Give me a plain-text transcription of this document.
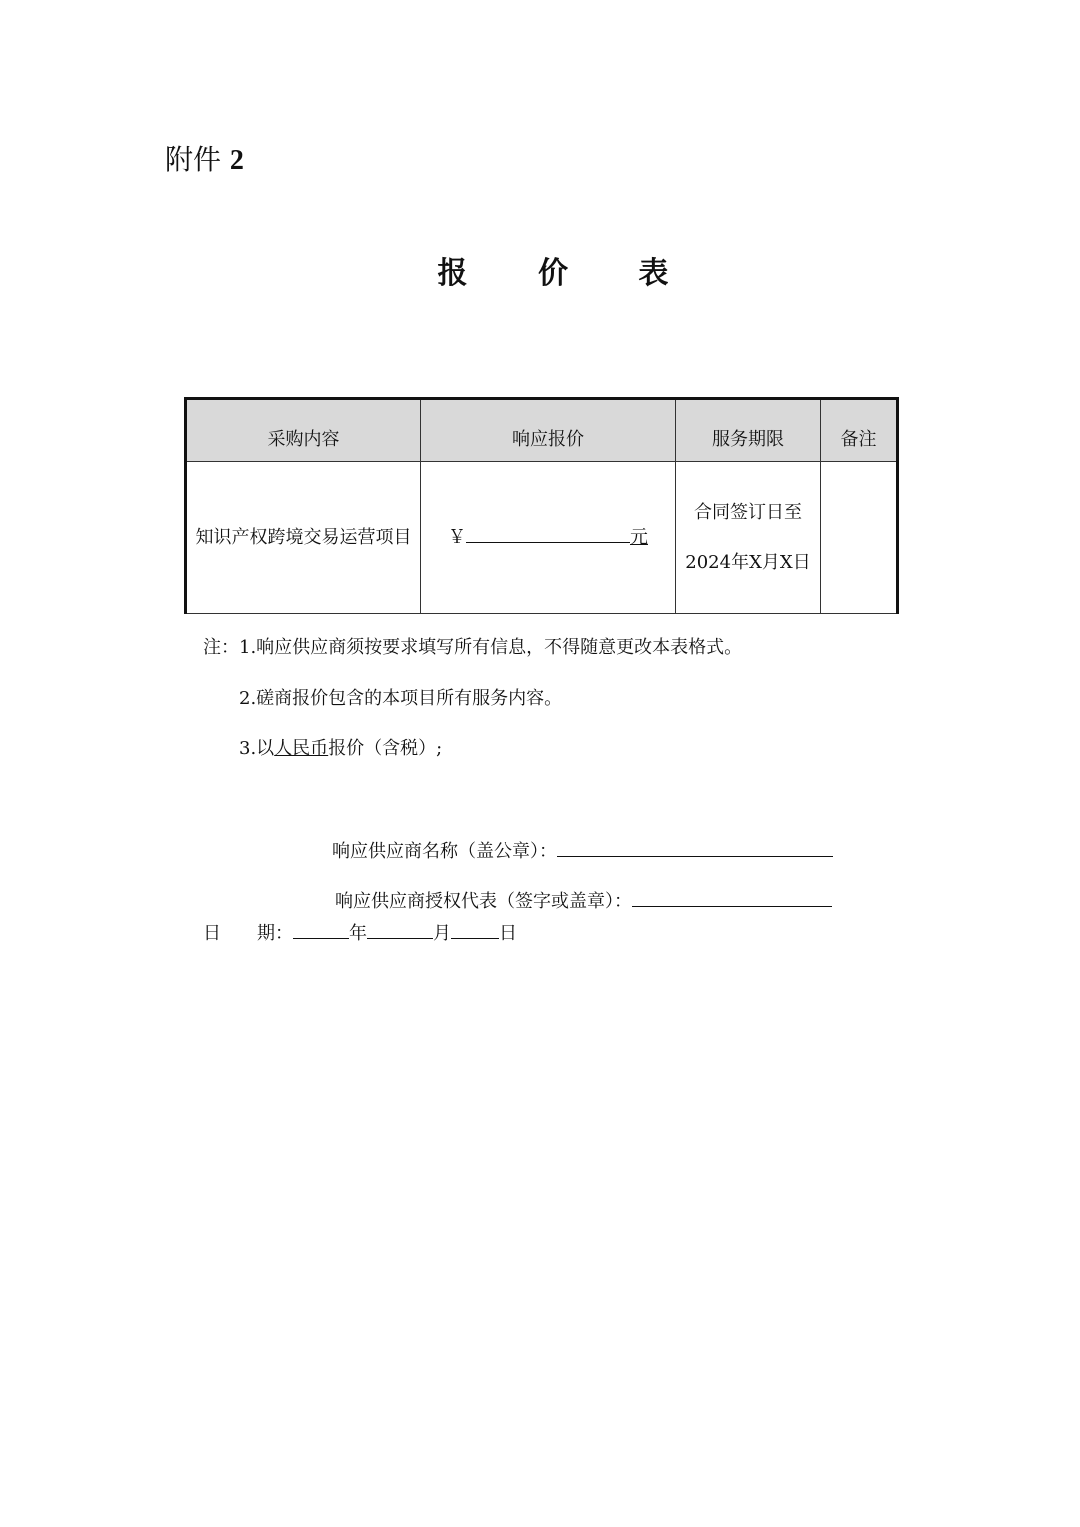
附件 2
报 价 表
采购内容	响应报价	服务期限	备注
知识产权跨境交易运营项目	￥ 元	合同签订日至2024年X月X日	
注：1.响应供应商须按要求填写所有信息，不得随意更改本表格式。
2.磋商报价包含的本项目所有服务内容。
3.以人民币报价（含税）;
响应供应商名称（盖公章）：
响应供应商授权代表（签字或盖章）：
日　　期：	年	月	日
